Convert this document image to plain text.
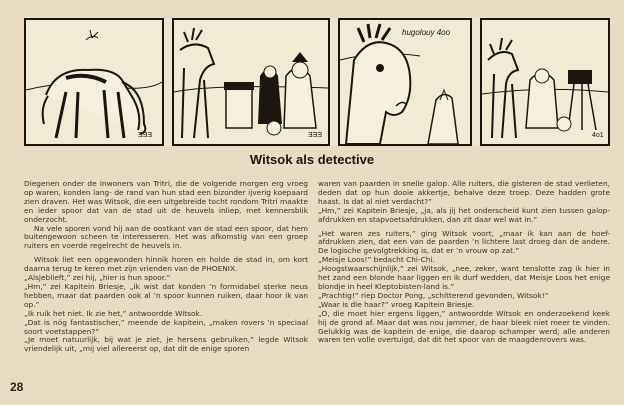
ƎƎƎ	ƎƎƎ
hugolouy 4oo
4o1
Witsok als detective

Diegenen onder de inwoners van Tritri, die de volgende morgen erg vroeg op waren, konden lang- de rand van hun stad een bizonder ijverig koepaard zien draven. Het was Witsok, die een uitgebreide tocht rondom Tritri maakte en ieder spoor dat van de stad uit de heuvels inliep, met kennersblik onderzocht.

Na vele sporen vond hij aan de oostkant van de stad een spoor, dat hem buitengewoon scheen te interesseren. Het was afkomstig van een groep ruiters en voerde regelrecht de heuvels in.

Witsok liet een opgewonden hinnik horen en holde de stad in, om kort daarna terug te keren met zijn vrienden van de PHOENIX.

„Alsjeblieft,” zei hij, „hier is hun spoor.”

„Hm,” zei Kapitein Briesje, „ik wist dat konden ’n formidabel sterke neus hebben, maar dat paarden ook al ’n spoor kunnen ruiken, daar hoor ik van op.”

„Ik ruik het niet. Ik zie het,” antwoordde Witsok.

„Dat is nóg fantastischer,” meende de kapitein, „maken rovers ’n speciaal soort voetstappen?”

„Je moet natuurlijk, bij wat je ziet, je hersens gebruiken,” legde Witsok vriendelijk uit, „mij viel allereerst op, dat dit de enige sporen

waren van paarden in snelle galop. Alle ruiters, die gisteren de stad verlieten, deden dat op hun dooie akkertje, behalve deze troep. Deze hadden grote haast. Is dat al niet verdacht?”

„Hm,” zei Kapitein Briesje, „ja, als jij het onderscheid kunt zien tussen galop-afdrukken en stapvoetsafdrukken, dan zit daar wel wat in.”

„Het waren zes ruiters,” ging Witsok voort, „maar ik kan aan de hoef-afdrukken zien, dat een van de paarden ’n lichtere last droeg dan de andere. De logische gevolgtrekking is, dat er ’n vrouw op zat.”

„Meisje Loos!” bedacht Chi-Chi.

„Hoogstwaarschijnlijk,” zei Witsok, „nee, zeker, want tenslotte zag ik hier in het zand een blonde haar liggen en ik durf wedden, dat Meisje Loos het enige blondje in heel Kleptobisten-land is.”

„Prachtig!” riep Doctor Pong, „schitterend gevonden, Witsok!”

„Waar is die haar?” vroeg Kapitein Briesje.

„O, die moet hier ergens liggen,” antwoordde Witsok en onderzoekend keek hij de grond af. Maar dat was nou jammer, de haar bleek niet meer te vinden. Gelukkig was de kapitein de enige, die daarop schamper werd; alle anderen waren ten volle overtuigd, dat dit het spoor van de maagdenrovers was.

28
